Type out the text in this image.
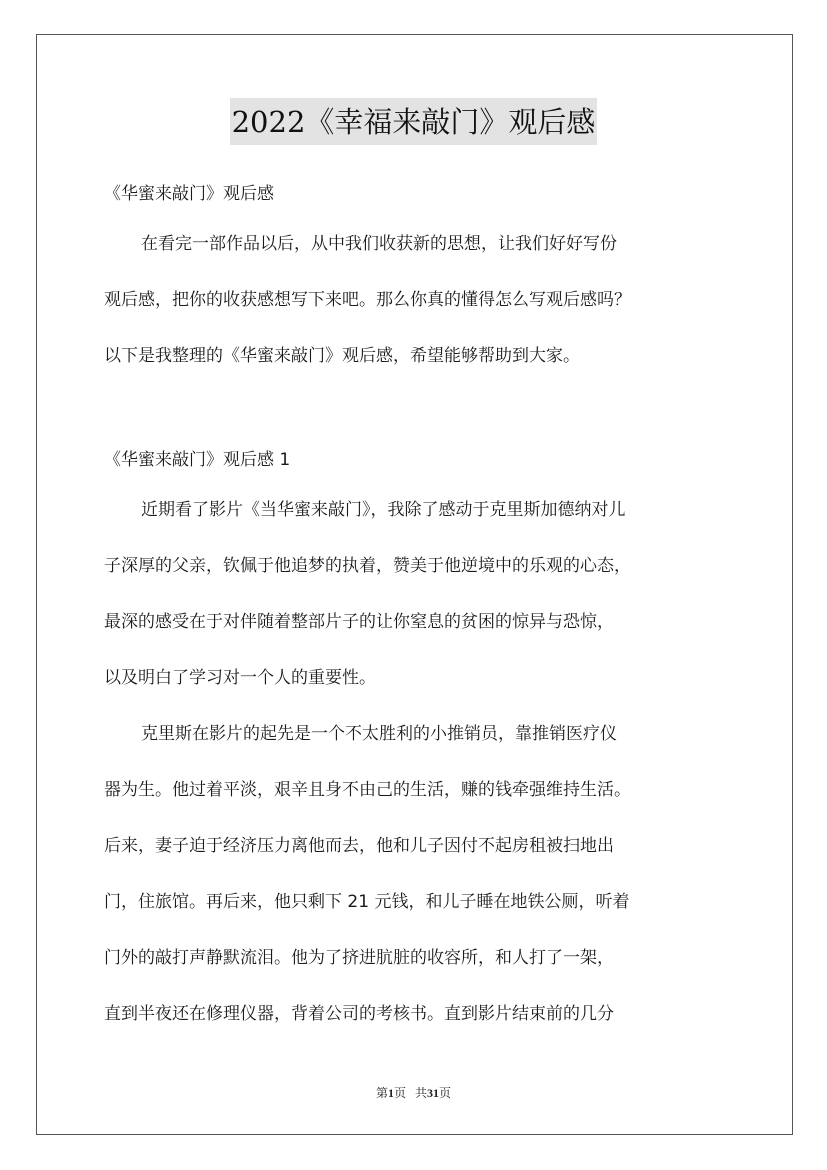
2022《幸福来敲门》观后感
《华蜜来敲门》观后感
在看完一部作品以后，从中我们收获新的思想，让我们好好写份
观后感，把你的收获感想写下来吧。那么你真的懂得怎么写观后感吗？
以下是我整理的《华蜜来敲门》观后感，希望能够帮助到大家。
《华蜜来敲门》观后感 1
近期看了影片《当华蜜来敲门》，我除了感动于克里斯加德纳对儿
子深厚的父亲，钦佩于他追梦的执着，赞美于他逆境中的乐观的心态，
最深的感受在于对伴随着整部片子的让你窒息的贫困的惊异与恐惊，
以及明白了学习对一个人的重要性。
克里斯在影片的起先是一个不太胜利的小推销员，靠推销医疗仪
器为生。他过着平淡，艰辛且身不由己的生活，赚的钱牵强维持生活。
后来，妻子迫于经济压力离他而去，他和儿子因付不起房租被扫地出
门，住旅馆。再后来，他只剩下 21 元钱，和儿子睡在地铁公厕，听着
门外的敲打声静默流泪。他为了挤进肮脏的收容所，和人打了一架，
直到半夜还在修理仪器，背着公司的考核书。直到影片结束前的几分
第1页 共31页
